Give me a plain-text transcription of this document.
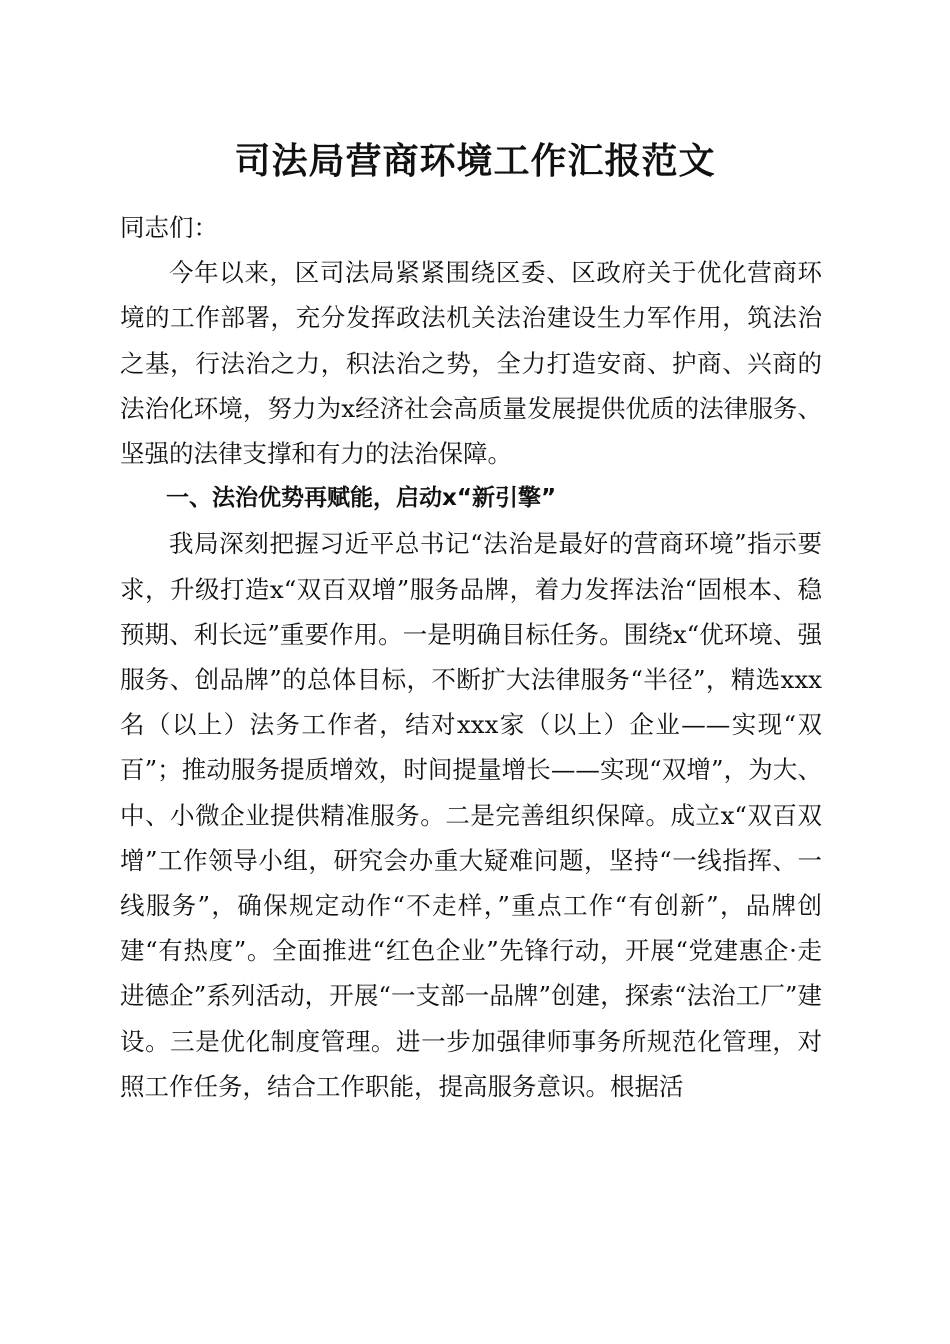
司法局营商环境工作汇报范文

同志们：

今年以来，区司法局紧紧围绕区委、区政府关于优化营商环境的工作部署，充分发挥政法机关法治建设生力军作用，筑法治之基，行法治之力，积法治之势，全力打造安商、护商、兴商的法治化环境，努力为x经济社会高质量发展提供优质的法律服务、坚强的法律支撑和有力的法治保障。

一、法治优势再赋能，启动x“新引擎”

我局深刻把握习近平总书记“法治是最好的营商环境”指示要求，升级打造x“双百双增”服务品牌，着力发挥法治“固根本、稳预期、利长远”重要作用。一是明确目标任务。围绕x“优环境、强服务、创品牌”的总体目标，不断扩大法律服务“半径”，精选xxx名（以上）法务工作者，结对xxx家（以上）企业——实现“双百”；推动服务提质增效，时间提量增长——实现“双增”，为大、中、小微企业提供精准服务。二是完善组织保障。成立x“双百双增”工作领导小组，研究会办重大疑难问题，坚持“一线指挥、一线服务”，确保规定动作“不走样，”重点工作“有创新”，品牌创建“有热度”。全面推进“红色企业”先锋行动，开展“党建惠企·走进德企”系列活动，开展“一支部一品牌”创建，探索“法治工厂”建设。三是优化制度管理。进一步加强律师事务所规范化管理，对照工作任务，结合工作职能，提高服务意识。根据活
